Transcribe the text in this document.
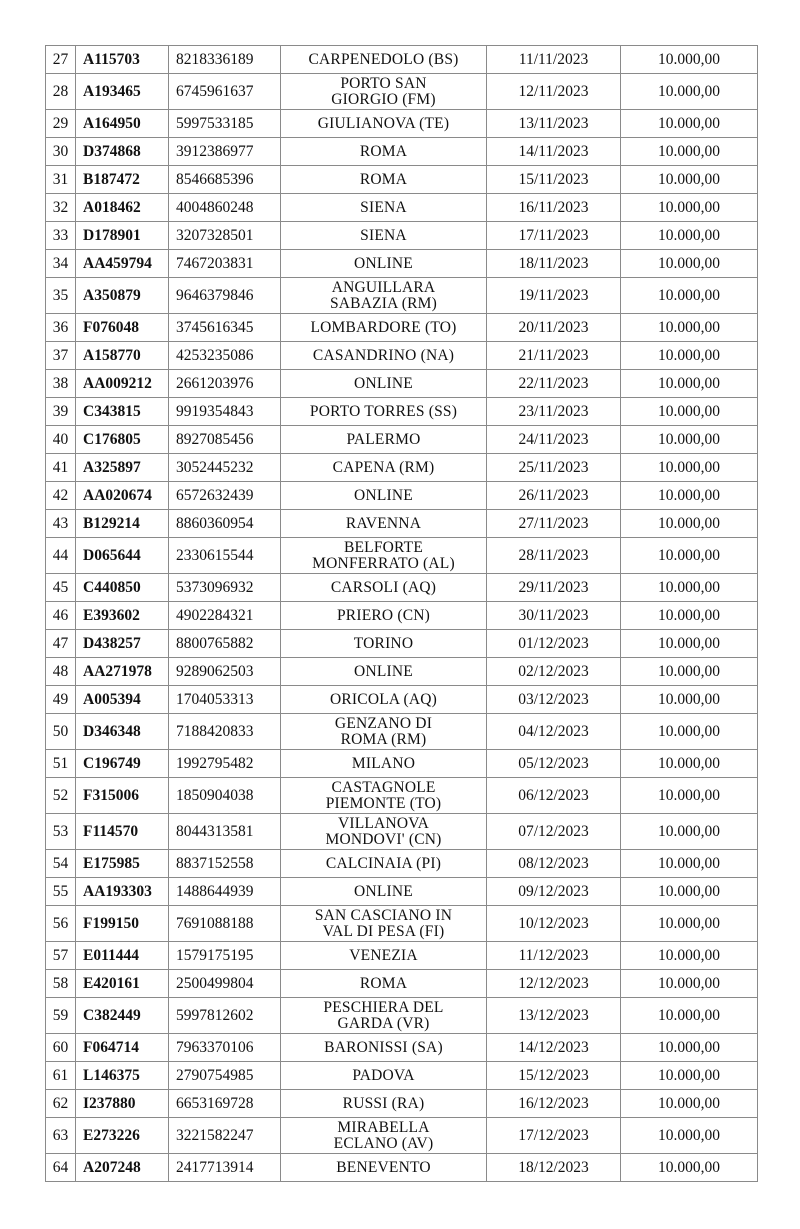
27	A115703	8218336189	CARPENEDOLO (BS)	11/11/2023	10.000,00
28	A193465	6745961637	PORTO SAN
GIORGIO (FM)	12/11/2023	10.000,00
29	A164950	5997533185	GIULIANOVA (TE)	13/11/2023	10.000,00
30	D374868	3912386977	ROMA	14/11/2023	10.000,00
31	B187472	8546685396	ROMA	15/11/2023	10.000,00
32	A018462	4004860248	SIENA	16/11/2023	10.000,00
33	D178901	3207328501	SIENA	17/11/2023	10.000,00
34	AA459794	7467203831	ONLINE	18/11/2023	10.000,00
35	A350879	9646379846	ANGUILLARA
SABAZIA (RM)	19/11/2023	10.000,00
36	F076048	3745616345	LOMBARDORE (TO)	20/11/2023	10.000,00
37	A158770	4253235086	CASANDRINO (NA)	21/11/2023	10.000,00
38	AA009212	2661203976	ONLINE	22/11/2023	10.000,00
39	C343815	9919354843	PORTO TORRES (SS)	23/11/2023	10.000,00
40	C176805	8927085456	PALERMO	24/11/2023	10.000,00
41	A325897	3052445232	CAPENA (RM)	25/11/2023	10.000,00
42	AA020674	6572632439	ONLINE	26/11/2023	10.000,00
43	B129214	8860360954	RAVENNA	27/11/2023	10.000,00
44	D065644	2330615544	BELFORTE
MONFERRATO (AL)	28/11/2023	10.000,00
45	C440850	5373096932	CARSOLI (AQ)	29/11/2023	10.000,00
46	E393602	4902284321	PRIERO (CN)	30/11/2023	10.000,00
47	D438257	8800765882	TORINO	01/12/2023	10.000,00
48	AA271978	9289062503	ONLINE	02/12/2023	10.000,00
49	A005394	1704053313	ORICOLA (AQ)	03/12/2023	10.000,00
50	D346348	7188420833	GENZANO DI
ROMA (RM)	04/12/2023	10.000,00
51	C196749	1992795482	MILANO	05/12/2023	10.000,00
52	F315006	1850904038	CASTAGNOLE
PIEMONTE (TO)	06/12/2023	10.000,00
53	F114570	8044313581	VILLANOVA
MONDOVI' (CN)	07/12/2023	10.000,00
54	E175985	8837152558	CALCINAIA (PI)	08/12/2023	10.000,00
55	AA193303	1488644939	ONLINE	09/12/2023	10.000,00
56	F199150	7691088188	SAN CASCIANO IN
VAL DI PESA (FI)	10/12/2023	10.000,00
57	E011444	1579175195	VENEZIA	11/12/2023	10.000,00
58	E420161	2500499804	ROMA	12/12/2023	10.000,00
59	C382449	5997812602	PESCHIERA DEL
GARDA (VR)	13/12/2023	10.000,00
60	F064714	7963370106	BARONISSI (SA)	14/12/2023	10.000,00
61	L146375	2790754985	PADOVA	15/12/2023	10.000,00
62	I237880	6653169728	RUSSI (RA)	16/12/2023	10.000,00
63	E273226	3221582247	MIRABELLA
ECLANO (AV)	17/12/2023	10.000,00
64	A207248	2417713914	BENEVENTO	18/12/2023	10.000,00
